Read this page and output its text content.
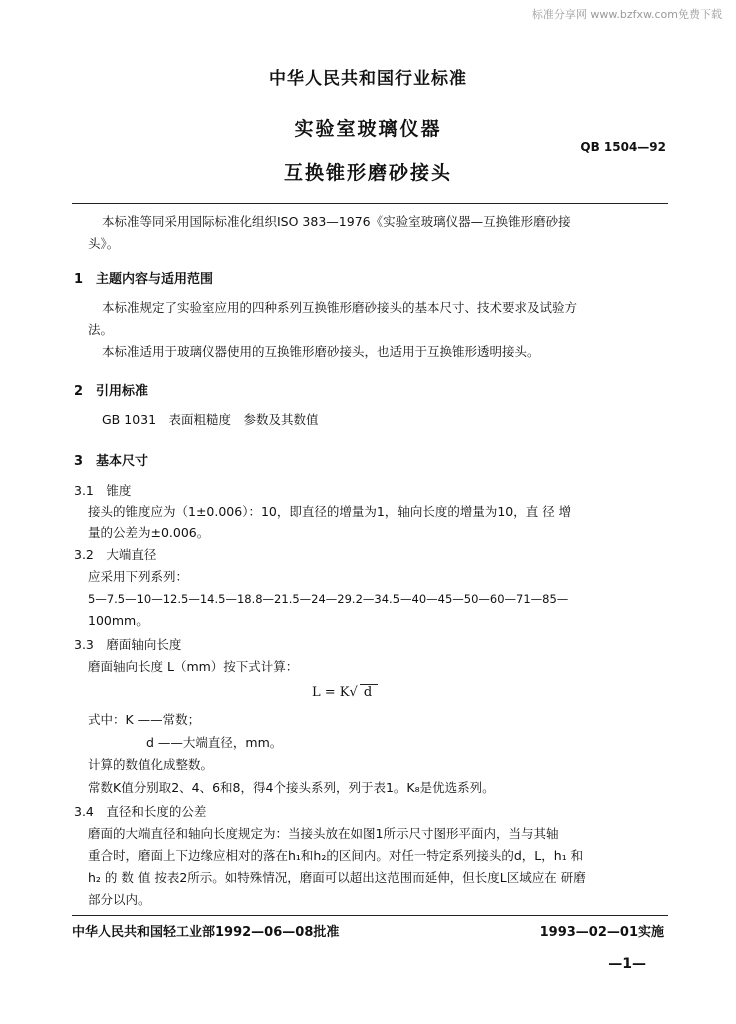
标准分享网 www.bzfxw.com免费下载
中华人民共和国行业标准
实验室玻璃仪器
QB 1504—92
互换锥形磨砂接头
本标准等同采用国际标准化组织ISO 383—1976《实验室玻璃仪器—互换锥形磨砂接
头》。
1　主题内容与适用范围
本标准规定了实验室应用的四种系列互换锥形磨砂接头的基本尺寸、技术要求及试验方
法。
本标准适用于玻璃仪器使用的互换锥形磨砂接头，也适用于互换锥形透明接头。
2　引用标准
GB 1031　表面粗糙度　参数及其数值
3　基本尺寸
3.1　锥度
接头的锥度应为（1±0.006）：10，即直径的增量为1，轴向长度的增量为10，直 径 增
量的公差为±0.006。
3.2　大端直径
应采用下列系列：
5—7.5—10—12.5—14.5—18.8—21.5—24—29.2—34.5—40—45—50—60—71—85—
100mm。
3.3　磨面轴向长度
磨面轴向长度 L（mm）按下式计算：
L = K√ d
式中：K ——常数；
d ——大端直径，mm。
计算的数值化成整数。
常数K值分别取2、4、6和8，得4个接头系列，列于表1。K₈是优选系列。
3.4　直径和长度的公差
磨面的大端直径和轴向长度规定为：当接头放在如图1所示尺寸图形平面内，当与其轴
重合时，磨面上下边缘应相对的落在h₁和h₂的区间内。对任一特定系列接头的d，L，h₁ 和
h₂ 的 数 值 按表2所示。如特殊情况，磨面可以超出这范围而延伸，但长度L区域应在 研磨
部分以内。
中华人民共和国轻工业部1992—06—08批准	1993—02—01实施
—1—
